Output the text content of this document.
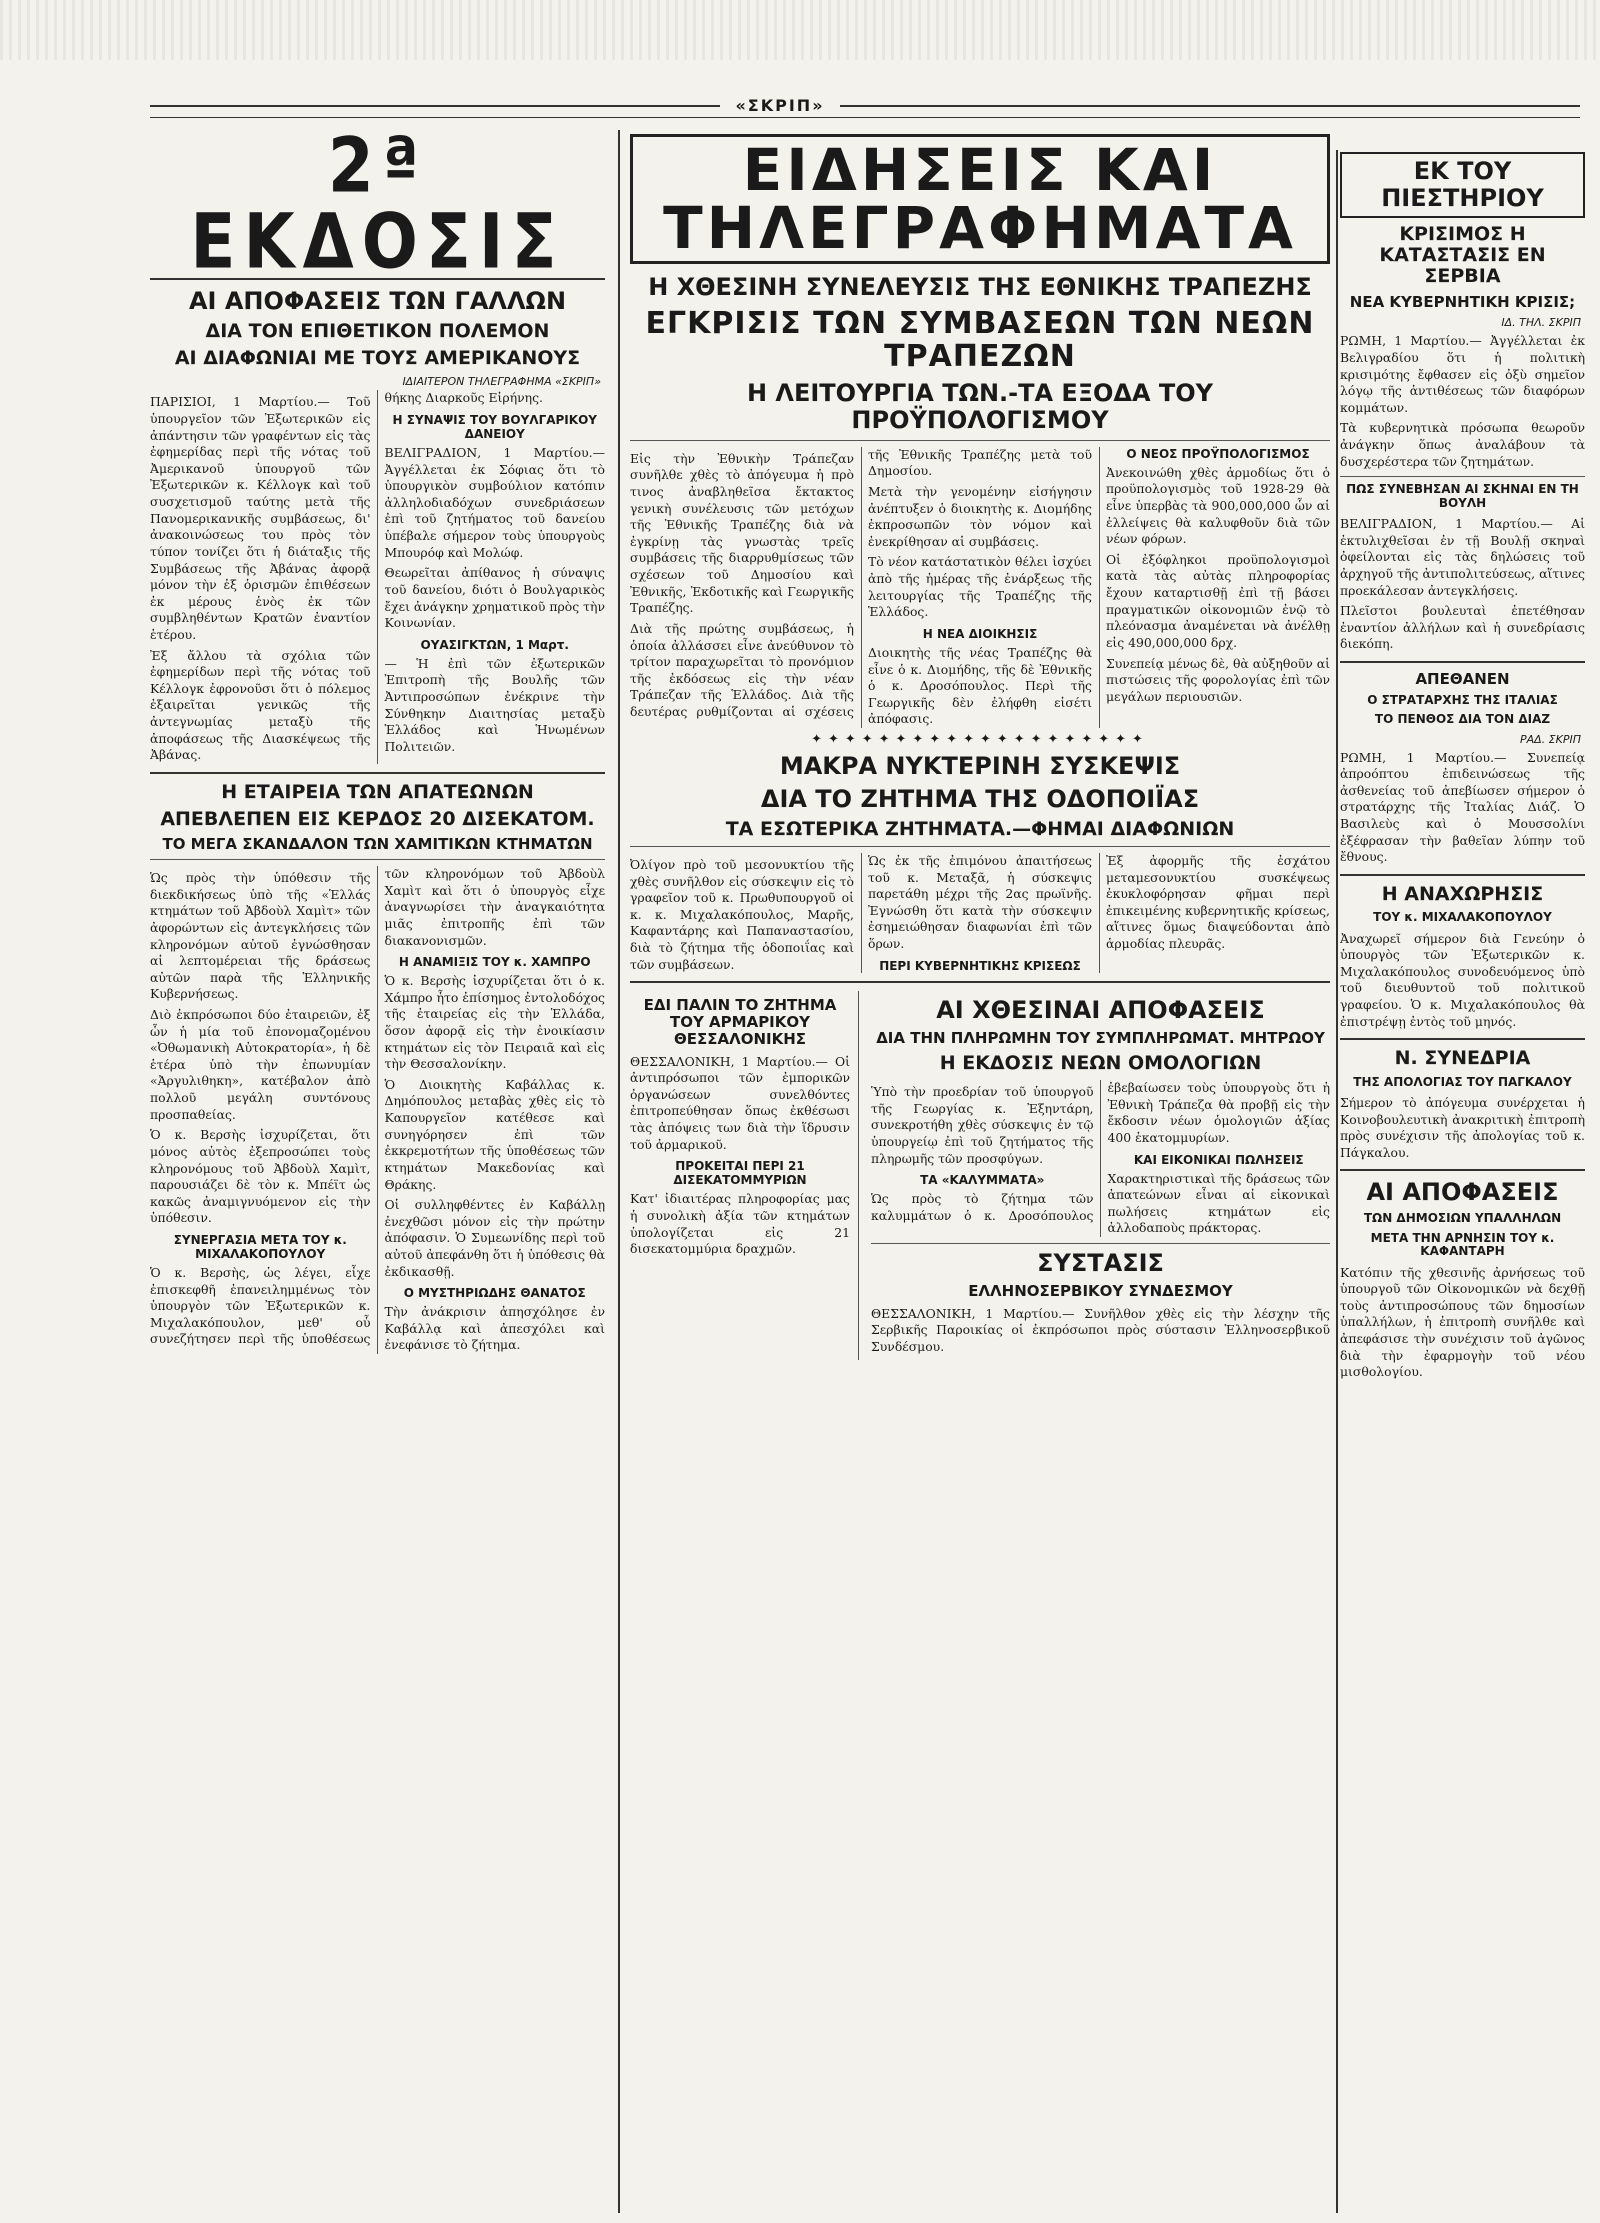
«ΣΚΡΙΠ»
2ª ΕΚΔΟΣΙΣ
ΑΙ ΑΠΟΦΑΣΕΙΣ ΤΩΝ ΓΑΛΛΩΝ
ΔΙΑ ΤΟΝ ΕΠΙΘΕΤΙΚΟΝ ΠΟΛΕΜΟΝ
ΑΙ ΔΙΑΦΩΝΙΑΙ ΜΕ ΤΟΥΣ ΑΜΕΡΙΚΑΝΟΥΣ
ΙΔΙΑΙΤΕΡΟΝ ΤΗΛΕΓΡΑΦΗΜΑ «ΣΚΡΙΠ»

ΠΑΡΙΣΙΟΙ, 1 Μαρτίου.— Τοῦ ὑπουργεῖον τῶν Ἐξωτερικῶν εἰς ἀπάντησιν τῶν γραφέντων εἰς τὰς ἐφημερίδας περὶ τῆς νότας τοῦ Ἀμερικανοῦ ὑπουργοῦ τῶν Ἐξωτερικῶν κ. Κέλλογκ καὶ τοῦ συσχετισμοῦ ταύτης μετὰ τῆς Πανομερικανικῆς συμβάσεως, δι' ἀνακοινώσεως του πρὸς τὸν τύπον τονίζει ὅτι ἡ διάταξις τῆς Συμβάσεως τῆς Ἀβάνας ἀφορᾷ μόνον τὴν ἐξ ὁρισμῶν ἐπιθέσεων ἐκ μέρους ἑνὸς ἐκ τῶν συμβληθέντων Κρατῶν ἐναντίον ἑτέρου.

Ἐξ ἄλλου τὰ σχόλια τῶν ἐφημερίδων περὶ τῆς νότας τοῦ Κέλλογκ ἐφρονοῦσι ὅτι ὁ πόλεμος ἐξαιρεῖται γενικῶς τῆς ἀντεγνωμίας μεταξὺ τῆς ἀποφάσεως τῆς Διασκέψεως τῆς Ἀβάνας.

θήκης Διαρκοῦς Εἰρήνης.

Η ΣΥΝΑΨΙΣ ΤΟΥ ΒΟΥΛΓΑΡΙΚΟΥ ΔΑΝΕΙΟΥ

ΒΕΛΙΓΡΑΔΙΟΝ, 1 Μαρτίου.— Ἀγγέλλεται ἐκ Σόφιας ὅτι τὸ ὑπουργικὸν συμβούλιον κατόπιν ἀλληλοδιαδόχων συνεδριάσεων ἐπὶ τοῦ ζητήματος τοῦ δανείου ὑπέβαλε σήμερον τοὺς ὑπουργοὺς Μπουρόφ καὶ Μολώφ.

Θεωρεῖται ἀπίθανος ἡ σύναψις τοῦ δανείου, διότι ὁ Βουλγαρικὸς ἔχει ἀνάγκην χρηματικοῦ πρὸς τὴν Κοινωνίαν.

ΟΥΑΣΙΓΚΤΩΝ, 1 Μαρτ.

— Ἡ ἐπὶ τῶν ἐξωτερικῶν Ἐπιτροπὴ τῆς Βουλῆς τῶν Ἀντιπροσώπων ἐνέκρινε τὴν Σύνθηκην Διαιτησίας μεταξὺ Ἑλλάδος καὶ Ἡνωμένων Πολιτειῶν.

Η ΕΤΑΙΡΕΙΑ ΤΩΝ ΑΠΑΤΕΩΝΩΝ
ΑΠΕΒΛΕΠΕΝ ΕΙΣ ΚΕΡΔΟΣ 20 ΔΙΣΕΚΑΤΟΜ.
ΤΟ ΜΕΓΑ ΣΚΑΝΔΑΛΟΝ ΤΩΝ ΧΑΜΙΤΙΚΩΝ ΚΤΗΜΑΤΩΝ

Ὡς πρὸς τὴν ὑπόθεσιν τῆς διεκδικήσεως ὑπὸ τῆς «Ἑλλάς κτημάτων τοῦ Ἀβδοὺλ Χαμὶτ» τῶν ἀφορώντων εἰς ἀντεγκλήσεις τῶν κληρονόμων αὐτοῦ ἐγνώσθησαν αἱ λεπτομέρειαι τῆς δράσεως αὐτῶν παρὰ τῆς Ἑλληνικῆς Κυβερνήσεως.

Διὸ ἐκπρόσωποι δύο ἐταιρειῶν, ἐξ ὧν ἡ μία τοῦ ἐπονομαζομένου «Ὀθωμανικὴ Αὐτοκρατορία», ἡ δὲ ἑτέρα ὑπὸ τὴν ἐπωνυμίαν «Ἀργυλιθηκη», κατέβαλον ἀπὸ πολλοῦ μεγάλη συντόνους προσπαθείας.

Ὁ κ. Βερσὴς ἰσχυρίζεται, ὅτι μόνος αὐτὸς ἐξεπροσώπει τοὺς κληρονόμους τοῦ Ἀβδοὺλ Χαμὶτ, παρουσιάζει δὲ τὸν κ. Μπέϊτ ὡς κακῶς ἀναμιγνυόμενον εἰς τὴν ὑπόθεσιν.

ΣΥΝΕΡΓΑΣΙΑ ΜΕΤΑ ΤΟΥ κ. ΜΙΧΑΛΑΚΟΠΟΥΛΟΥ

Ὁ κ. Βερσὴς, ὡς λέγει, εἶχε ἐπισκεφθῆ ἐπανειλημμένως τὸν ὑπουργὸν τῶν Ἐξωτερικῶν κ. Μιχαλακόπουλον, μεθ' οὗ συνεζήτησεν περὶ τῆς ὑποθέσεως τῶν κληρονόμων τοῦ Ἀβδοὺλ Χαμὶτ καὶ ὅτι ὁ ὑπουργὸς εἶχε ἀναγνωρίσει τὴν ἀναγκαιότητα μιᾶς ἐπιτροπῆς ἐπὶ τῶν διακανονισμῶν.

Η ΑΝΑΜΙΞΙΣ ΤΟΥ κ. ΧΑΜΠΡΟ

Ὁ κ. Βερσὴς ἰσχυρίζεται ὅτι ὁ κ. Χάμπρο ἦτο ἐπίσημος ἐντολοδόχος τῆς ἐταιρείας εἰς τὴν Ἑλλάδα, ὅσον ἀφορᾷ εἰς τὴν ἐνοικίασιν κτημάτων εἰς τὸν Πειραιᾶ καὶ εἰς τὴν Θεσσαλονίκην.

Ὁ Διοικητὴς Καβάλλας κ. Δημόπουλος μεταβὰς χθὲς εἰς τὸ Καπουργεῖον κατέθεσε καὶ συνηγόρησεν ἐπὶ τῶν ἐκκρεμοτήτων τῆς ὑποθέσεως τῶν κτημάτων Μακεδονίας καὶ Θράκης.

Οἱ συλληφθέντες ἐν Καβάλλῃ ἐνεχθῶσι μόνον εἰς τὴν πρώτην ἀπόφασιν. Ὁ Συμεωνίδης περὶ τοῦ αὐτοῦ ἀπεφάνθη ὅτι ἡ ὑπόθεσις θὰ ἐκδικασθῇ.

Ο ΜΥΣΤΗΡΙΩΔΗΣ ΘΑΝΑΤΟΣ

Τὴν ἀνάκρισιν ἀπησχόλησε ἐν Καβάλλᾳ καὶ ἀπεσχόλει καὶ ἐνεφάνισε τὸ ζήτημα.

ΕΙΔΗΣΕΙΣ ΚΑΙ ΤΗΛΕΓΡΑΦΗΜΑΤΑ
Η ΧΘΕΣΙΝΗ ΣΥΝΕΛΕΥΣΙΣ ΤΗΣ ΕΘΝΙΚΗΣ ΤΡΑΠΕΖΗΣ
ΕΓΚΡΙΣΙΣ ΤΩΝ ΣΥΜΒΑΣΕΩΝ ΤΩΝ ΝΕΩΝ ΤΡΑΠΕΖΩΝ
Η ΛΕΙΤΟΥΡΓΙΑ ΤΩΝ.-ΤΑ ΕΞΟΔΑ ΤΟΥ ΠΡΟΫΠΟΛΟΓΙΣΜΟΥ

Εἰς τὴν Ἐθνικὴν Τράπεζαν συνῆλθε χθὲς τὸ ἀπόγευμα ἡ πρὸ τινος ἀναβληθεῖσα ἔκτακτος γενικὴ συνέλευσις τῶν μετόχων τῆς Ἐθνικῆς Τραπέζης διὰ νὰ ἐγκρίνῃ τὰς γνωστὰς τρεῖς συμβάσεις τῆς διαρρυθμίσεως τῶν σχέσεων τοῦ Δημοσίου καὶ Ἐθνικῆς, Ἐκδοτικῆς καὶ Γεωργικῆς Τραπέζης.

Διὰ τῆς πρώτης συμβάσεως, ἡ ὁποία ἀλλάσσει εἶνε ἀνεύθυνον τὸ τρίτον παραχωρεῖται τὸ προνόμιον τῆς ἐκδόσεως εἰς τὴν νέαν Τράπεζαν τῆς Ἑλλάδος. Διὰ τῆς δευτέρας ρυθμίζονται αἱ σχέσεις τῆς Ἐθνικῆς Τραπέζης μετὰ τοῦ Δημοσίου.

Μετὰ τὴν γενομένην εἰσήγησιν ἀνέπτυξεν ὁ διοικητὴς κ. Διομήδης ἐκπροσωπῶν τὸν νόμον καὶ ἐνεκρίθησαν αἱ συμβάσεις.

Τὸ νέον κατάστατικὸν θέλει ἰσχύει ἀπὸ τῆς ἡμέρας τῆς ἐνάρξεως τῆς λειτουργίας τῆς Τραπέζης τῆς Ἑλλάδος.

Η ΝΕΑ ΔΙΟΙΚΗΣΙΣ

Διοικητὴς τῆς νέας Τραπέζης θὰ εἶνε ὁ κ. Διομήδης, τῆς δὲ Ἐθνικῆς ὁ κ. Δροσόπουλος. Περὶ τῆς Γεωργικῆς δὲν ἐλήφθη εἰσέτι ἀπόφασις.

Ο ΝΕΟΣ ΠΡΟΫΠΟΛΟΓΙΣΜΟΣ

Ἀνεκοινώθη χθὲς ἁρμοδίως ὅτι ὁ προϋπολογισμὸς τοῦ 1928-29 θὰ εἶνε ὑπερβὰς τὰ 900,000,000 ὧν αἱ ἐλλείψεις θὰ καλυφθοῦν διὰ τῶν νέων φόρων.

Οἱ ἐξόφληκοι προϋπολογισμοὶ κατὰ τὰς αὐτὰς πληροφορίας ἔχουν καταρτισθῇ ἐπὶ τῇ βάσει πραγματικῶν οἰκονομιῶν ἐνῷ τὸ πλεόνασμα ἀναμένεται νὰ ἀνέλθῃ εἰς 490,000,000 δρχ.

Συνεπείᾳ μένως δὲ, θὰ αὐξηθοῦν αἱ πιστώσεις τῆς φορολογίας ἐπὶ τῶν μεγάλων περιουσιῶν.

✦✦✦✦✦✦✦✦✦✦✦✦✦✦✦✦✦✦✦✦
ΜΑΚΡΑ ΝΥΚΤΕΡΙΝΗ ΣΥΣΚΕΨΙΣ
ΔΙΑ ΤΟ ΖΗΤΗΜΑ ΤΗΣ ΟΔΟΠΟΙΪΑΣ
ΤΑ ΕΣΩΤΕΡΙΚΑ ΖΗΤΗΜΑΤΑ.—ΦΗΜΑΙ ΔΙΑΦΩΝΙΩΝ

Ὀλίγον πρὸ τοῦ μεσονυκτίου τῆς χθὲς συνῆλθον εἰς σύσκεψιν εἰς τὸ γραφεῖον τοῦ κ. Πρωθυπουργοῦ οἱ κ. κ. Μιχαλακόπουλος, Μαρῆς, Καφαντάρης καὶ Παπαναστασίου, διὰ τὸ ζήτημα τῆς ὁδοποιΐας καὶ τῶν συμβάσεων.

Ὡς ἐκ τῆς ἐπιμόνου ἀπαιτήσεως τοῦ κ. Μεταξᾶ, ἡ σύσκεψις παρετάθη μέχρι τῆς 2ας πρωϊνῆς. Ἐγνώσθη ὅτι κατὰ τὴν σύσκεψιν ἐσημειώθησαν διαφωνίαι ἐπὶ τῶν ὅρων.

ΠΕΡΙ ΚΥΒΕΡΝΗΤΙΚΗΣ ΚΡΙΣΕΩΣ

Ἐξ ἀφορμῆς τῆς ἐσχάτου μεταμεσονυκτίου συσκέψεως ἐκυκλοφόρησαν φῆμαι περὶ ἐπικειμένης κυβερνητικῆς κρίσεως, αἵτινες ὅμως διαψεύδονται ἀπὸ ἁρμοδίας πλευρᾶς.

ΕΔΙ ΠΑΛΙΝ ΤΟ ΖΗΤΗΜΑ ΤΟΥ ΑΡΜΑΡΙΚΟΥ ΘΕΣΣΑΛΟΝΙΚΗΣ

ΘΕΣΣΑΛΟΝΙΚΗ, 1 Μαρτίου.— Οἱ ἀντιπρόσωποι τῶν ἐμπορικῶν ὀργανώσεων συνελθόντες ἐπιτροπεύθησαν ὅπως ἐκθέσωσι τὰς ἀπόψεις των διὰ τὴν ἵδρυσιν τοῦ ἀρμαρικοῦ.

ΠΡΟΚΕΙΤΑΙ ΠΕΡΙ 21 ΔΙΣΕΚΑΤΟΜΜΥΡΙΩΝ

Κατ' ἰδιαιτέρας πληροφορίας μας ἡ συνολικὴ ἀξία τῶν κτημάτων ὑπολογίζεται εἰς 21 δισεκατομμύρια δραχμῶν.

ΑΙ ΧΘΕΣΙΝΑΙ ΑΠΟΦΑΣΕΙΣ
ΔΙΑ ΤΗΝ ΠΛΗΡΩΜΗΝ ΤΟΥ ΣΥΜΠΛΗΡΩΜΑΤ. ΜΗΤΡΩΟΥ
Η ΕΚΔΟΣΙΣ ΝΕΩΝ ΟΜΟΛΟΓΙΩΝ

Ὑπὸ τὴν προεδρίαν τοῦ ὑπουργοῦ τῆς Γεωργίας κ. Ἐξηντάρη, συνεκροτήθη χθὲς σύσκεψις ἐν τῷ ὑπουργείῳ ἐπὶ τοῦ ζητήματος τῆς πληρωμῆς τῶν προσφύγων.

ΤΑ «ΚΑΛΥΜΜΑΤΑ»

Ὡς πρὸς τὸ ζήτημα τῶν καλυμμάτων ὁ κ. Δροσόπουλος ἐβεβαίωσεν τοὺς ὑπουργοὺς ὅτι ἡ Ἐθνικὴ Τράπεζα θὰ προβῇ εἰς τὴν ἔκδοσιν νέων ὁμολογιῶν ἀξίας 400 ἑκατομμυρίων.

ΚΑΙ ΕΙΚΟΝΙΚΑΙ ΠΩΛΗΣΕΙΣ

Χαρακτηριστικαὶ τῆς δράσεως τῶν ἀπατεώνων εἶναι αἱ εἰκονικαὶ πωλήσεις κτημάτων εἰς ἀλλοδαποὺς πράκτορας.

ΣΥΣΤΑΣΙΣ
ΕΛΛΗΝΟΣΕΡΒΙΚΟΥ ΣΥΝΔΕΣΜΟΥ

ΘΕΣΣΑΛΟΝΙΚΗ, 1 Μαρτίου.— Συνῆλθον χθὲς εἰς τὴν λέσχην τῆς Σερβικῆς Παροικίας οἱ ἐκπρόσωποι πρὸς σύστασιν Ἑλληνοσερβικοῦ Συνδέσμου.

ΕΚ ΤΟΥ ΠΙΕΣΤΗΡΙΟΥ
ΚΡΙΣΙΜΟΣ Η ΚΑΤΑΣΤΑΣΙΣ ΕΝ ΣΕΡΒΙΑ
ΝΕΑ ΚΥΒΕΡΝΗΤΙΚΗ ΚΡΙΣΙΣ;
ΙΔ. ΤΗΛ. ΣΚΡΙΠ

ΡΩΜΗ, 1 Μαρτίου.— Ἀγγέλλεται ἐκ Βελιγραδίου ὅτι ἡ πολιτικὴ κρισιμότης ἔφθασεν εἰς ὀξὺ σημεῖον λόγῳ τῆς ἀντιθέσεως τῶν διαφόρων κομμάτων.

Τὰ κυβερνητικὰ πρόσωπα θεωροῦν ἀνάγκην ὅπως ἀναλάβουν τὰ δυσχερέστερα τῶν ζητημάτων.

ΠΩΣ ΣΥΝΕΒΗΣΑΝ ΑΙ ΣΚΗΝΑΙ ΕΝ ΤΗ ΒΟΥΛΗ

ΒΕΛΙΓΡΑΔΙΟΝ, 1 Μαρτίου.— Αἱ ἐκτυλιχθεῖσαι ἐν τῇ Βουλῇ σκηναὶ ὀφείλονται εἰς τὰς δηλώσεις τοῦ ἀρχηγοῦ τῆς ἀντιπολιτεύσεως, αἵτινες προεκάλεσαν ἀντεγκλήσεις.

Πλεῖστοι βουλευταὶ ἐπετέθησαν ἐναντίον ἀλλήλων καὶ ἡ συνεδρίασις διεκόπη.

ΑΠΕΘΑΝΕΝ
Ο ΣΤΡΑΤΑΡΧΗΣ ΤΗΣ ΙΤΑΛΙΑΣ
ΤΟ ΠΕΝΘΟΣ ΔΙΑ ΤΟΝ ΔΙΑΖ
ΡΑΔ. ΣΚΡΙΠ

ΡΩΜΗ, 1 Μαρτίου.— Συνεπείᾳ ἀπροόπτου ἐπιδεινώσεως τῆς ἀσθενείας τοῦ ἀπεβίωσεν σήμερον ὁ στρατάρχης τῆς Ἰταλίας Διάζ. Ὁ Βασιλεὺς καὶ ὁ Μουσσολίνι ἐξέφρασαν τὴν βαθεῖαν λύπην τοῦ ἔθνους.

Η ΑΝΑΧΩΡΗΣΙΣ
ΤΟΥ κ. ΜΙΧΑΛΑΚΟΠΟΥΛΟΥ

Ἀναχωρεῖ σήμερον διὰ Γενεύην ὁ ὑπουργὸς τῶν Ἐξωτερικῶν κ. Μιχαλακόπουλος συνοδευόμενος ὑπὸ τοῦ διευθυντοῦ τοῦ πολιτικοῦ γραφείου. Ὁ κ. Μιχαλακόπουλος θὰ ἐπιστρέψῃ ἐντὸς τοῦ μηνός.

Ν. ΣΥΝΕΔΡΙΑ
ΤΗΣ ΑΠΟΛΟΓΙΑΣ ΤΟΥ ΠΑΓΚΑΛΟΥ

Σήμερον τὸ ἀπόγευμα συνέρχεται ἡ Κοινοβουλευτικὴ ἀνακριτικὴ ἐπιτροπὴ πρὸς συνέχισιν τῆς ἀπολογίας τοῦ κ. Πάγκαλου.

ΑΙ ΑΠΟΦΑΣΕΙΣ
ΤΩΝ ΔΗΜΟΣΙΩΝ ΥΠΑΛΛΗΛΩΝ
ΜΕΤΑ ΤΗΝ ΑΡΝΗΣΙΝ ΤΟΥ κ. ΚΑΦΑΝΤΑΡΗ

Κατόπιν τῆς χθεσινῆς ἀρνήσεως τοῦ ὑπουργοῦ τῶν Οἰκονομικῶν νὰ δεχθῇ τοὺς ἀντιπροσώπους τῶν δημοσίων ὑπαλλήλων, ἡ ἐπιτροπὴ συνῆλθε καὶ ἀπεφάσισε τὴν συνέχισιν τοῦ ἀγῶνος διὰ τὴν ἐφαρμογὴν τοῦ νέου μισθολογίου.
